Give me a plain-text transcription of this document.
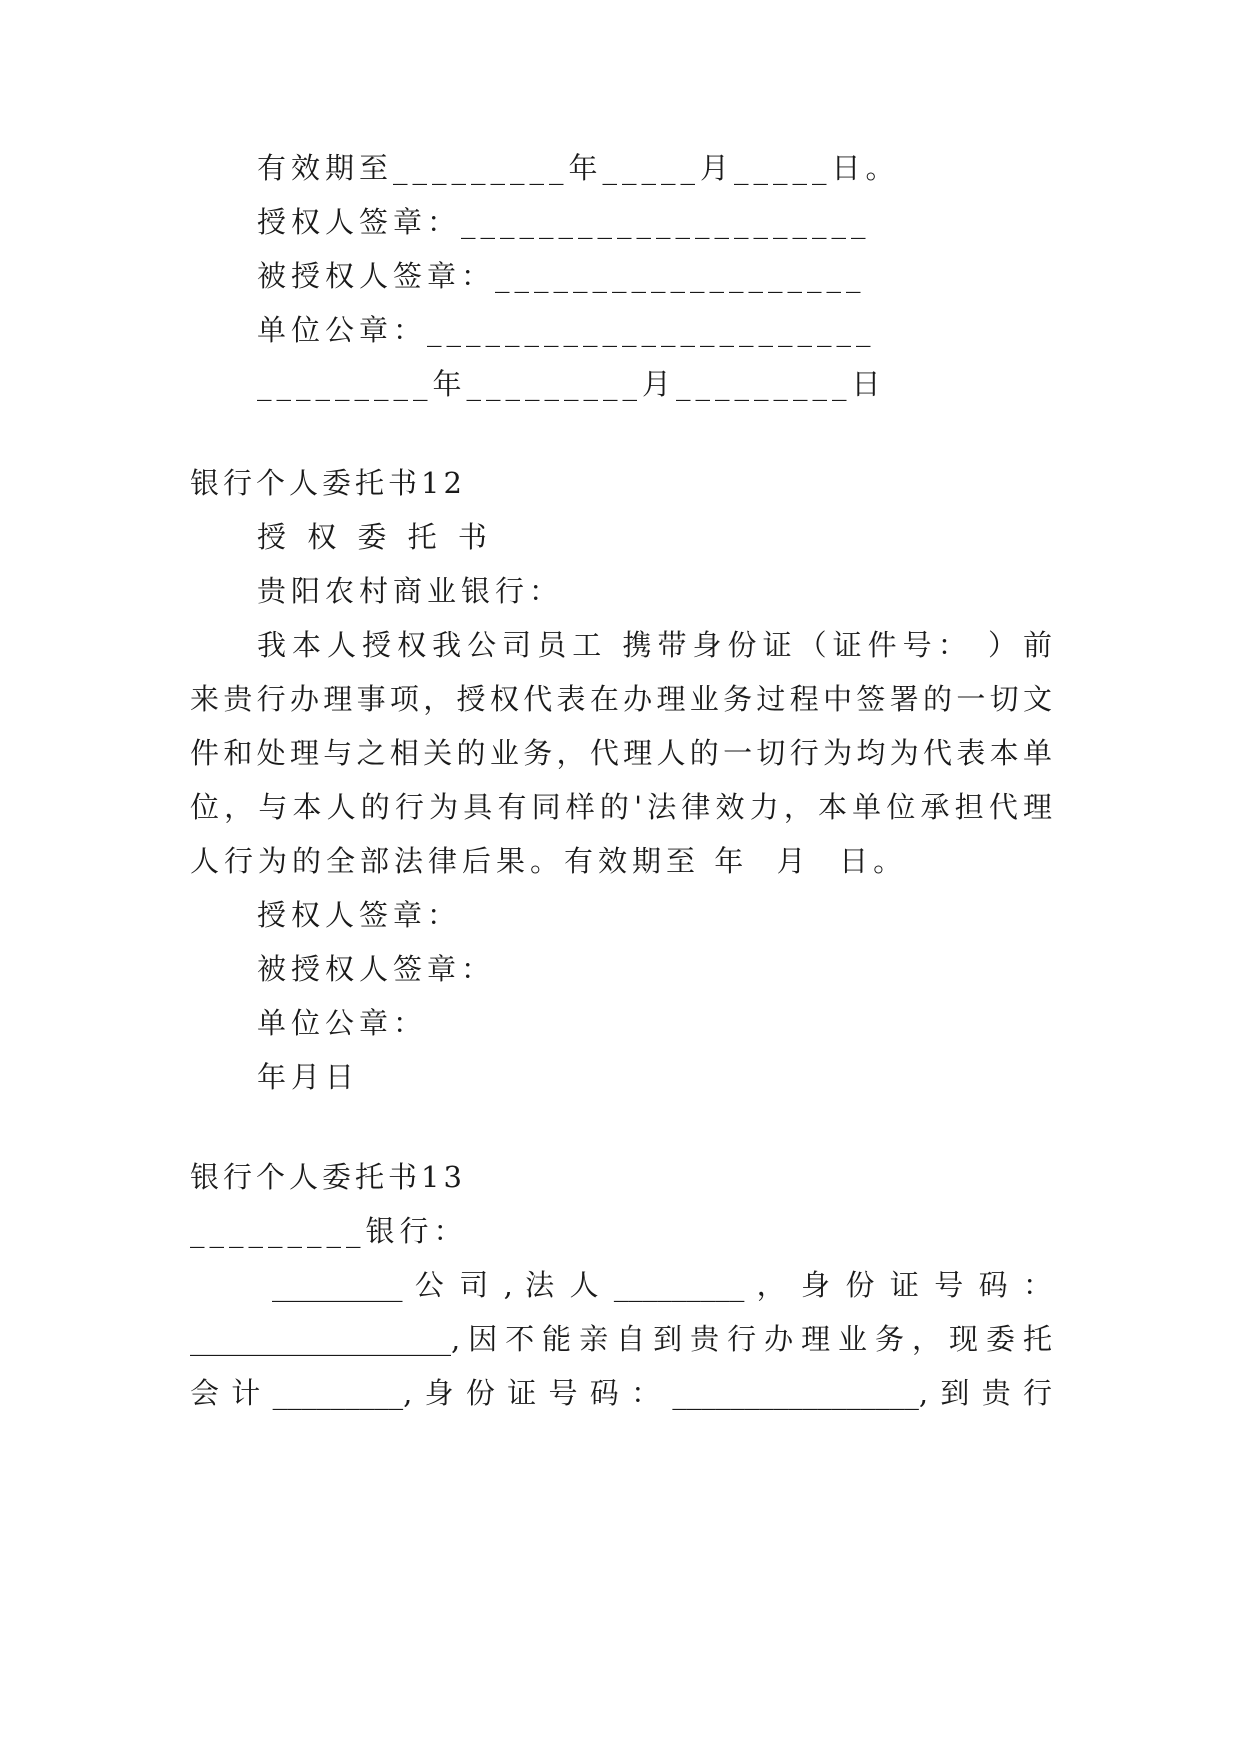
有效期至_________年_____月_____日。

授权人签章：_____________________

被授权人签章：___________________

单位公章：_______________________

_________年_________月_________日

银行个人委托书12

授 权 委 托 书

贵阳农村商业银行：

我本人授权我公司员工 携带身份证（证件号： ）前

来贵行办理事项，授权代表在办理业务过程中签署的一切文

件和处理与之相关的业务，代理人的一切行为均为代表本单

位，与本人的行为具有同样的'法律效力，本单位承担代理

人行为的全部法律后果。有效期至 年  月  日。

授权人签章：

被授权人签章：

单位公章：

年月日

银行个人委托书13

_________银行：

_________ 公 司 , 法 人 _________ ， 身 份 证 号 码 ：

__________________,因不能亲自到贵行办理业务，现委托

会计_________,身份证号码：_________________,到贵行
